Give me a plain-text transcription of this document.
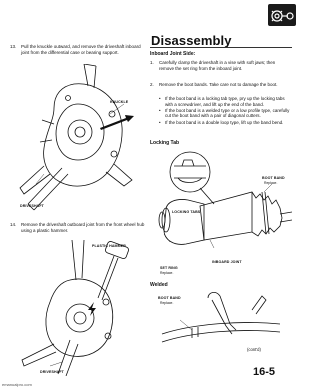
Disassembly
13. Pull the knuckle outward, and remove the driveshaft inboard joint from the differential case or bearing support.
KNUCKLE
DRIVESHAFT
14. Remove the driveshaft outboard joint from the front wheel hub using a plastic hammer.
PLASTIC HAMMER
DRIVESHAFT
Inboard Joint Side:
1. Carefully clamp the driveshaft in a vise with soft jaws; then remove the set ring from the inboard joint.
2. Remove the boot bands. Take care not to damage the boot.
• If the boot band is a locking tab type, pry up the locking tabs with a screwdriver, and lift up the end of the band.
• If the boot band is a welded type or a low profile type, carefully cut the boot band with a pair of diagonal cutters.
• If the boot band is a double loop type, lift up the band bend.
Locking Tab
LOCKING TABS
BOOT BAND
Replace.
SET RING
Replace.
INBOARD JOINT
Welded
BOOT BAND
Replace.
(cont'd)
16-5
emanualpro.com
